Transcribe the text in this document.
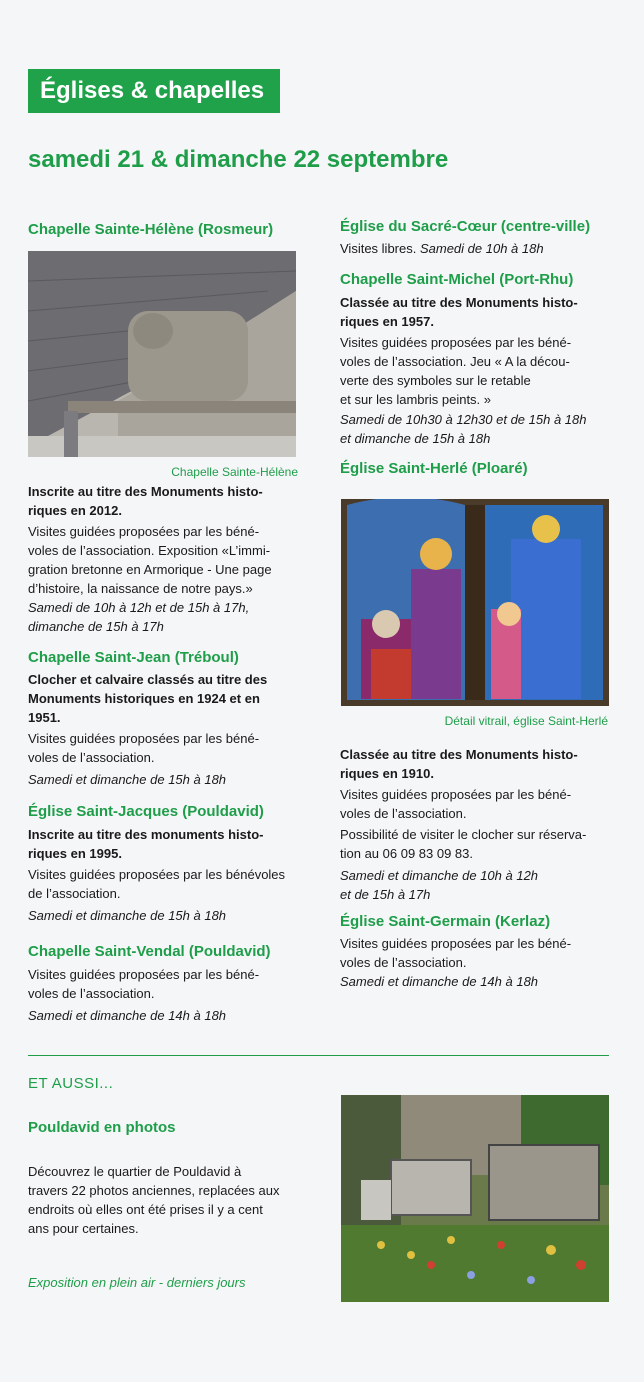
Églises & chapelles
samedi 21 & dimanche 22 septembre
Chapelle Sainte-Hélène (Rosmeur)
Chapelle Sainte-Hélène
Inscrite au titre des Monuments histo-
riques en 2012.
Visites guidées proposées par les béné-
voles de l’association. Exposition «L’immi-
gration bretonne en Armorique - Une page
d’histoire, la naissance de notre pays.»
Samedi de 10h à 12h et de 15h à 17h,
dimanche de 15h à 17h
Chapelle Saint-Jean (Tréboul)
Clocher et calvaire classés au titre des
Monuments historiques en 1924 et en
1951.
Visites guidées proposées par les béné-
voles de l’association.
Samedi et dimanche de 15h à 18h
Église Saint-Jacques (Pouldavid)
Inscrite au titre des monuments histo-
riques en 1995.
Visites guidées proposées par les bénévoles
de l’association.
Samedi et dimanche de 15h à 18h
Chapelle Saint-Vendal (Pouldavid)
Visites guidées proposées par les béné-
voles de l’association.
Samedi et dimanche de 14h à 18h
Église du Sacré-Cœur (centre-ville)
Visites libres. Samedi de 10h à 18h
Chapelle Saint-Michel (Port-Rhu)
Classée au titre des Monuments histo-
riques en 1957.
Visites guidées proposées par les béné-
voles de l’association. Jeu « A la décou-
verte des symboles sur le retable
et sur les lambris peints. »
Samedi de 10h30 à 12h30 et de 15h à 18h
et dimanche de 15h à 18h
Église Saint-Herlé (Ploaré)
Détail vitrail, église Saint-Herlé
Classée au titre des Monuments histo-
riques en 1910.
Visites guidées proposées par les béné-
voles de l’association.
Possibilité de visiter le clocher sur réserva-
tion au 06 09 83 09 83.
Samedi et dimanche de 10h à 12h
et de 15h à 17h
Église Saint-Germain (Kerlaz)
Visites guidées proposées par les béné-
voles de l’association.
Samedi et dimanche de 14h à 18h
ET AUSSI...
Pouldavid en photos
Découvrez le quartier de Pouldavid à
travers 22 photos anciennes, replacées aux
endroits où elles ont été prises il y a cent
ans pour certaines.
Exposition en plein air - derniers jours
